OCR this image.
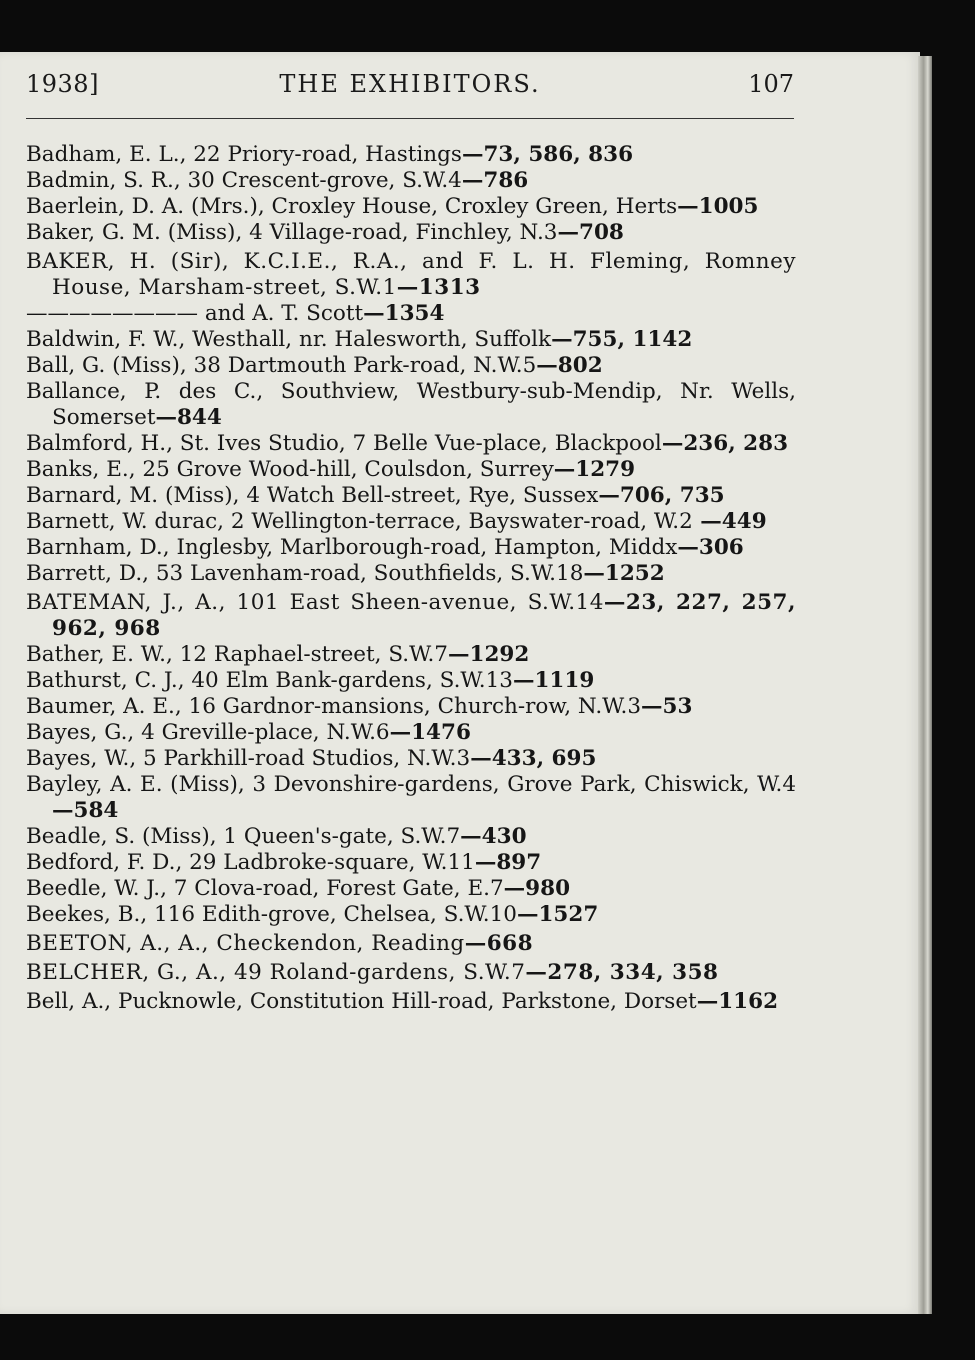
1938]	THE EXHIBITORS.	107

Badham, E. L., 22 Priory-road, Hastings—73, 586, 836

Badmin, S. R., 30 Crescent-grove, S.W.4—786

Baerlein, D. A. (Mrs.), Croxley House, Croxley Green, Herts—1005

Baker, G. M. (Miss), 4 Village-road, Finchley, N.3—708

BAKER, H. (Sir), K.C.I.E., R.A., and F. L. H. Fleming, Romney House, Marsham-street, S.W.1—1313

———————— and A. T. Scott—1354

Baldwin, F. W., Westhall, nr. Halesworth, Suffolk—755, 1142

Ball, G. (Miss), 38 Dartmouth Park-road, N.W.5—802

Ballance, P. des C., Southview, Westbury-sub-Mendip, Nr. Wells, Somerset—844

Balmford, H., St. Ives Studio, 7 Belle Vue-place, Blackpool—236, 283

Banks, E., 25 Grove Wood-hill, Coulsdon, Surrey—1279

Barnard, M. (Miss), 4 Watch Bell-street, Rye, Sussex—706, 735

Barnett, W. durac, 2 Wellington-terrace, Bayswater-road, W.2 —449

Barnham, D., Inglesby, Marlborough-road, Hampton, Middx—306

Barrett, D., 53 Lavenham-road, Southfields, S.W.18—1252

BATEMAN, J., A., 101 East Sheen-avenue, S.W.14—23, 227, 257, 962, 968

Bather, E. W., 12 Raphael-street, S.W.7—1292

Bathurst, C. J., 40 Elm Bank-gardens, S.W.13—1119

Baumer, A. E., 16 Gardnor-mansions, Church-row, N.W.3—53

Bayes, G., 4 Greville-place, N.W.6—1476

Bayes, W., 5 Parkhill-road Studios, N.W.3—433, 695

Bayley, A. E. (Miss), 3 Devonshire-gardens, Grove Park, Chiswick, W.4—584

Beadle, S. (Miss), 1 Queen's-gate, S.W.7—430

Bedford, F. D., 29 Ladbroke-square, W.11—897

Beedle, W. J., 7 Clova-road, Forest Gate, E.7—980

Beekes, B., 116 Edith-grove, Chelsea, S.W.10—1527

BEETON, A., A., Checkendon, Reading—668

BELCHER, G., A., 49 Roland-gardens, S.W.7—278, 334, 358

Bell, A., Pucknowle, Constitution Hill-road, Parkstone, Dorset—1162
